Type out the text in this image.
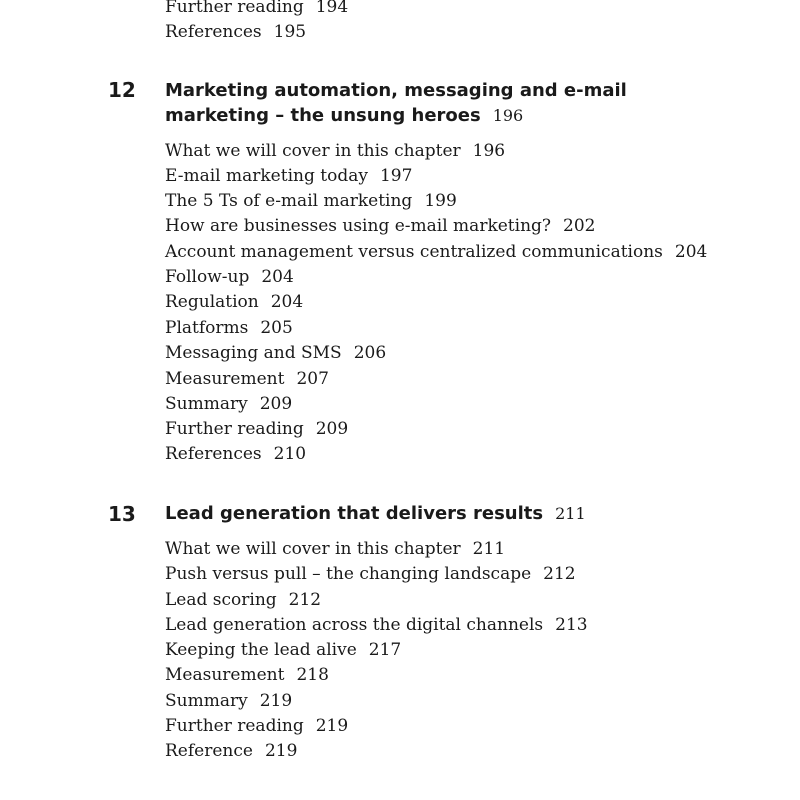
Further reading 194
References 195
12 Marketing automation, messaging and e-mail
marketing – the unsung heroes 196
What we will cover in this chapter 196
E-mail marketing today 197
The 5 Ts of e-mail marketing 199
How are businesses using e-mail marketing? 202
Account management versus centralized communications 204
Follow-up 204
Regulation 204
Platforms 205
Messaging and SMS 206
Measurement 207
Summary 209
Further reading 209
References 210
13 Lead generation that delivers results 211
What we will cover in this chapter 211
Push versus pull – the changing landscape 212
Lead scoring 212
Lead generation across the digital channels 213
Keeping the lead alive 217
Measurement 218
Summary 219
Further reading 219
Reference 219
